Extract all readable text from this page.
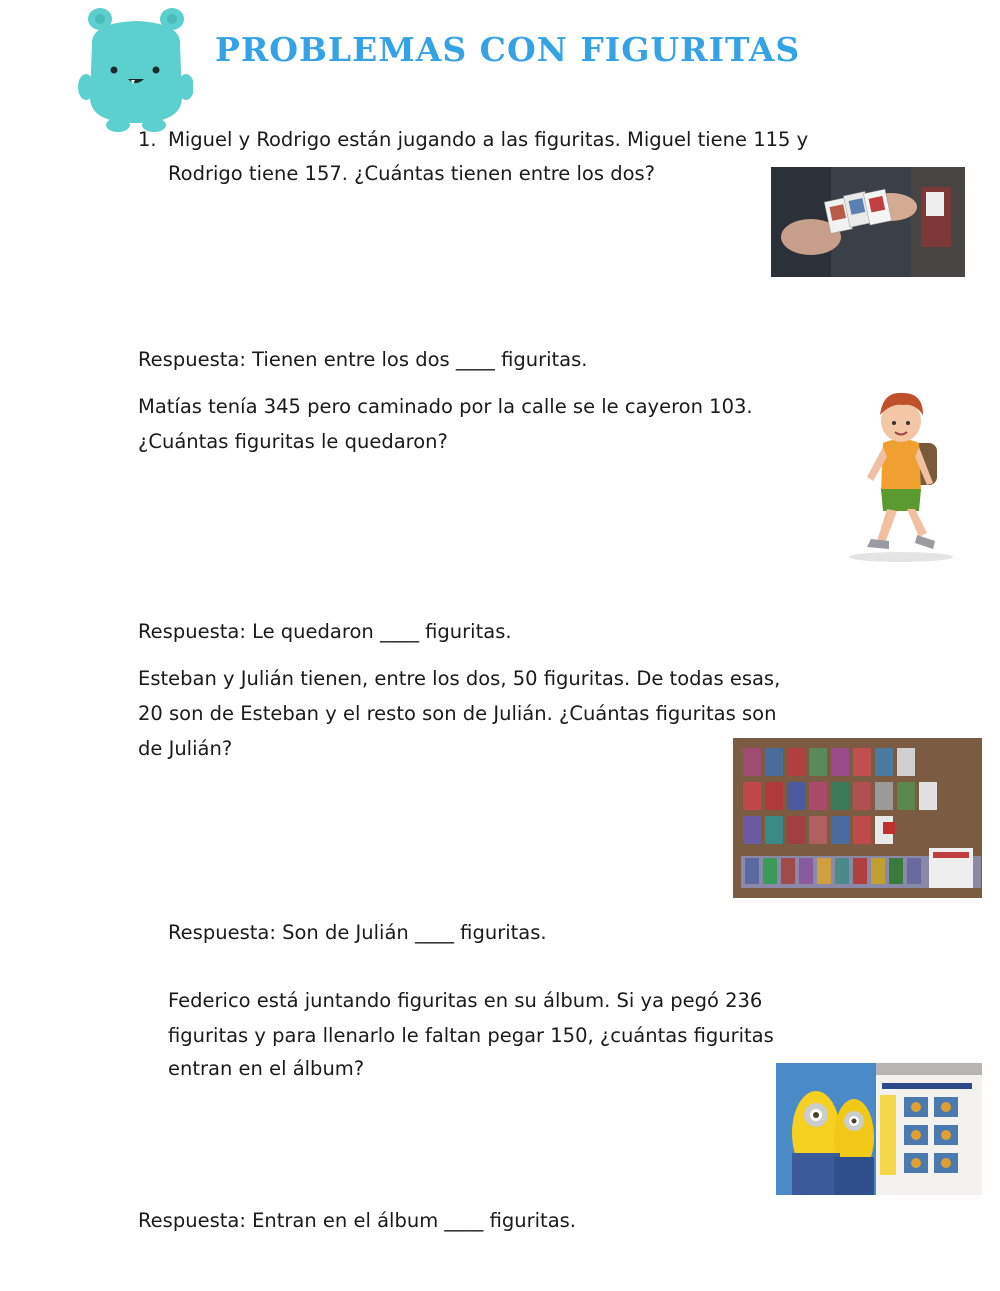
PROBLEMAS CON FIGURITAS
1. Miguel y Rodrigo están jugando a las figuritas. Miguel tiene 115 y
Rodrigo tiene 157. ¿Cuántas tienen entre los dos?
Respuesta: Tienen entre los dos ____ figuritas.
Matías tenía 345 pero caminado por la calle se le cayeron 103.
¿Cuántas figuritas le quedaron?
Respuesta: Le quedaron ____ figuritas.
Esteban y Julián tienen, entre los dos, 50 figuritas. De todas esas,
20 son de Esteban y el resto son de Julián. ¿Cuántas figuritas son
de Julián?
Respuesta: Son de Julián ____ figuritas.
Federico está juntando figuritas en su álbum. Si ya pegó 236
figuritas y para llenarlo le faltan pegar 150, ¿cuántas figuritas
entran en el álbum?
Respuesta: Entran en el álbum ____ figuritas.
